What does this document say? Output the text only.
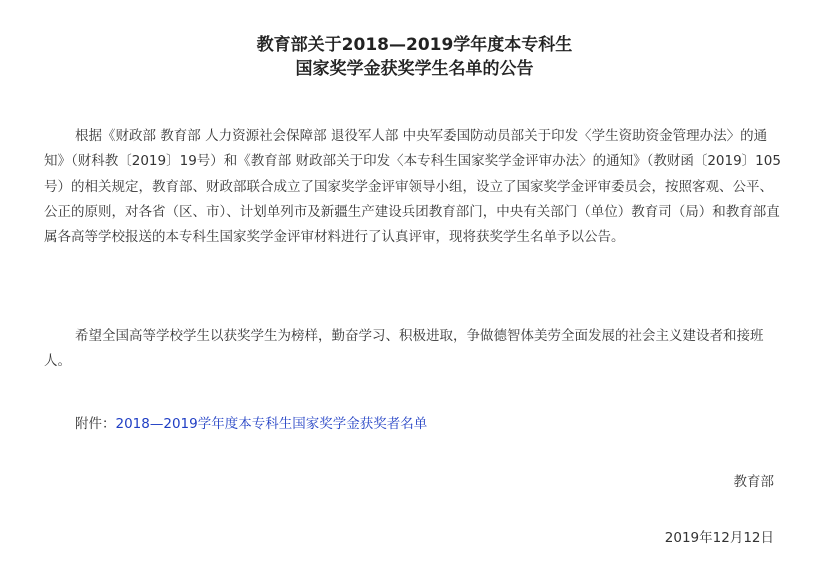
教育部关于2018—2019学年度本专科生
国家奖学金获奖学生名单的公告
根据《财政部 教育部 人力资源社会保障部 退役军人部 中央军委国防动员部关于印发〈学生资助资金管理办法〉的通知》（财科教〔2019〕19号）和《教育部 财政部关于印发〈本专科生国家奖学金评审办法〉的通知》（教财函〔2019〕105号）的相关规定，教育部、财政部联合成立了国家奖学金评审领导小组，设立了国家奖学金评审委员会，按照客观、公平、公正的原则，对各省（区、市）、计划单列市及新疆生产建设兵团教育部门，中央有关部门（单位）教育司（局）和教育部直属各高等学校报送的本专科生国家奖学金评审材料进行了认真评审，现将获奖学生名单予以公告。
希望全国高等学校学生以获奖学生为榜样，勤奋学习、积极进取，争做德智体美劳全面发展的社会主义建设者和接班人。
附件：2018—2019学年度本专科生国家奖学金获奖者名单
教育部
2019年12月12日
